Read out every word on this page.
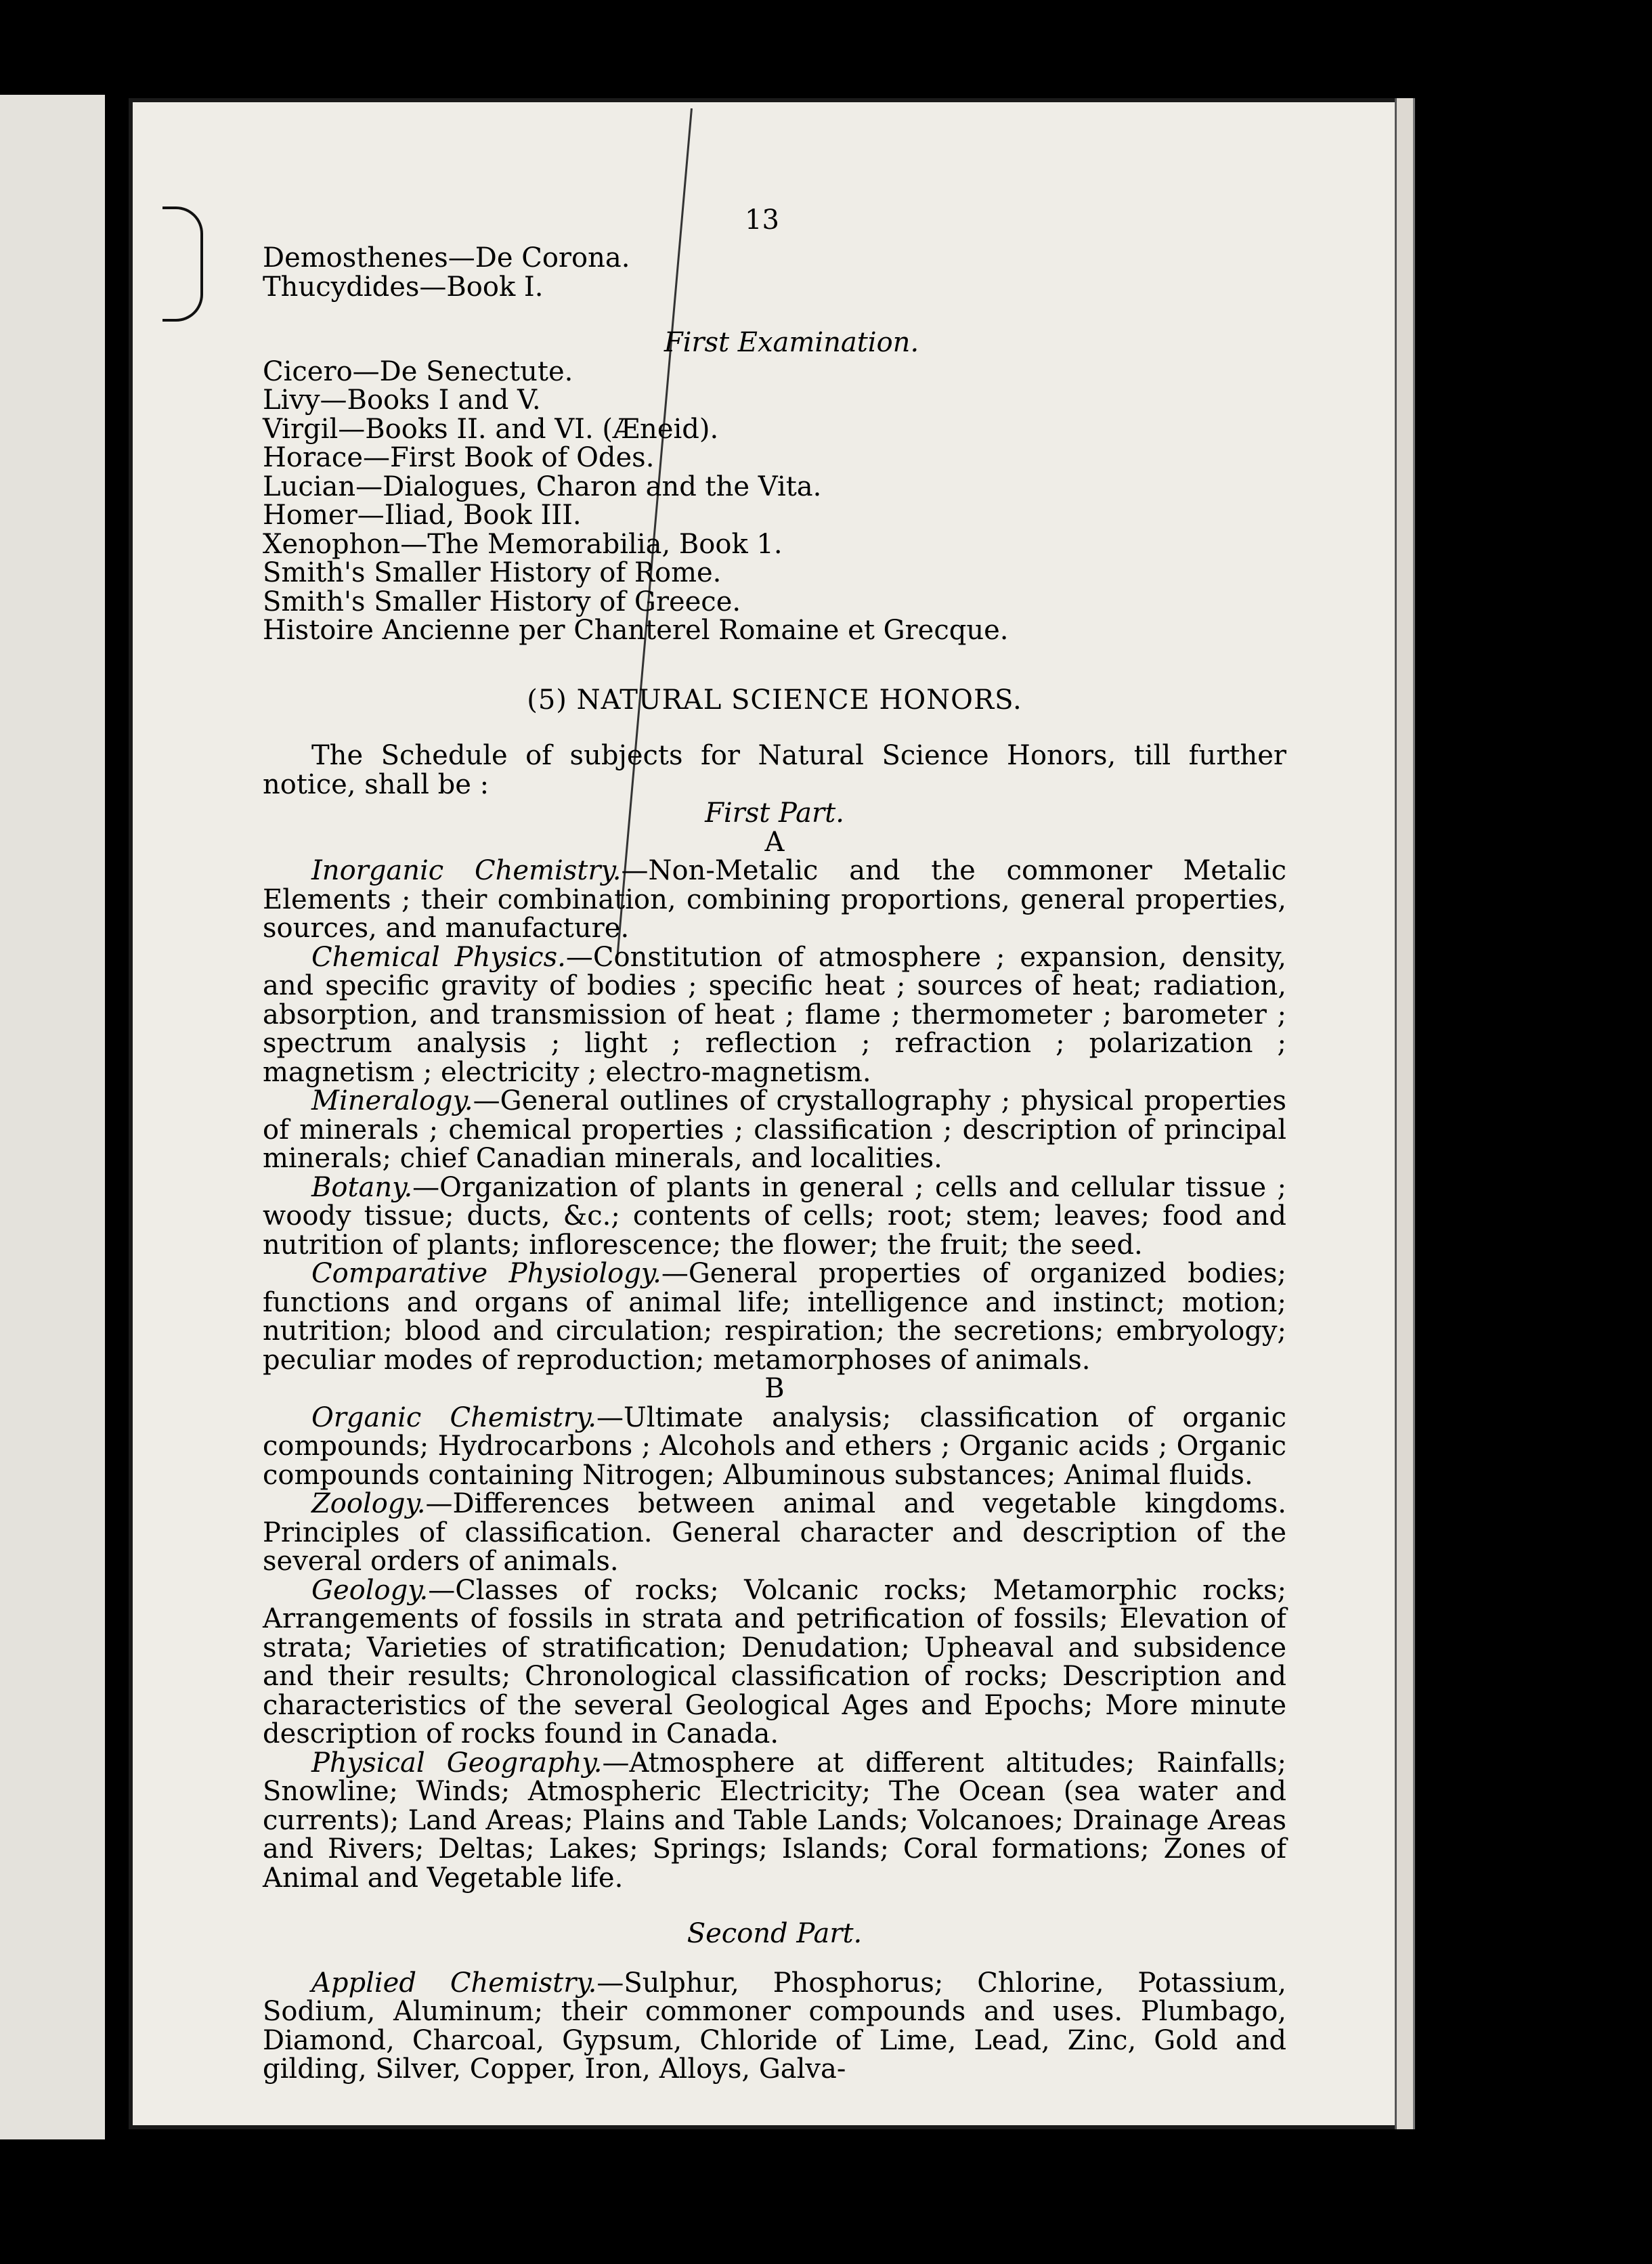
13

Demosthenes—De Corona.

Thucydides—Book I.

First Examination.

Cicero—De Senectute.

Livy—Books I and V.

Virgil—Books II. and VI. (Æneid).

Horace—First Book of Odes.

Lucian—Dialogues, Charon and the Vita.

Homer—Iliad, Book III.

Xenophon—The Memorabilia, Book 1.

Smith's Smaller History of Rome.

Smith's Smaller History of Greece.

Histoire Ancienne per Chanterel Romaine et Grecque.

(5) NATURAL SCIENCE HONORS.

The Schedule of subjects for Natural Science Honors, till further notice, shall be :

First Part.

A

Inorganic Chemistry.—Non-Metalic and the commoner Metalic Elements ; their combination, combining proportions, general properties, sources, and manufacture.

Chemical Physics.—Constitution of atmosphere ; expansion, density, and specific gravity of bodies ; specific heat ; sources of heat; radiation, absorption, and transmission of heat ; flame ; thermometer ; barometer ; spectrum analysis ; light ; reflection ; refraction ; polarization ; magnetism ; electricity ; electro-magnetism.

Mineralogy.—General outlines of crystallography ; physical properties of minerals ; chemical properties ; classification ; description of principal minerals; chief Canadian minerals, and localities.

Botany.—Organization of plants in general ; cells and cellular tissue ; woody tissue; ducts, &c.; contents of cells; root; stem; leaves; food and nutrition of plants; inflorescence; the flower; the fruit; the seed.

Comparative Physiology.—General properties of organized bodies; functions and organs of animal life; intelligence and instinct; motion; nutrition; blood and circulation; respiration; the secretions; embryology; peculiar modes of reproduction; metamorphoses of animals.

B

Organic Chemistry.—Ultimate analysis; classification of organic compounds; Hydrocarbons ; Alcohols and ethers ; Organic acids ; Organic compounds containing Nitrogen; Albuminous substances; Animal fluids.

Zoology.—Differences between animal and vegetable kingdoms. Principles of classification. General character and description of the several orders of animals.

Geology.—Classes of rocks; Volcanic rocks; Metamorphic rocks; Arrangements of fossils in strata and petrification of fossils; Elevation of strata; Varieties of stratification; Denudation; Upheaval and subsidence and their results; Chronological classification of rocks; Description and characteristics of the several Geological Ages and Epochs; More minute description of rocks found in Canada.

Physical Geography.—Atmosphere at different altitudes; Rainfalls; Snowline; Winds; Atmospheric Electricity; The Ocean (sea water and currents); Land Areas; Plains and Table Lands; Volcanoes; Drainage Areas and Rivers; Deltas; Lakes; Springs; Islands; Coral formations; Zones of Animal and Vegetable life.

Second Part.

Applied Chemistry.—Sulphur, Phosphorus; Chlorine, Potassium, Sodium, Aluminum; their commoner compounds and uses. Plumbago, Diamond, Charcoal, Gypsum, Chloride of Lime, Lead, Zinc, Gold and gilding, Silver, Copper, Iron, Alloys, Galva-
